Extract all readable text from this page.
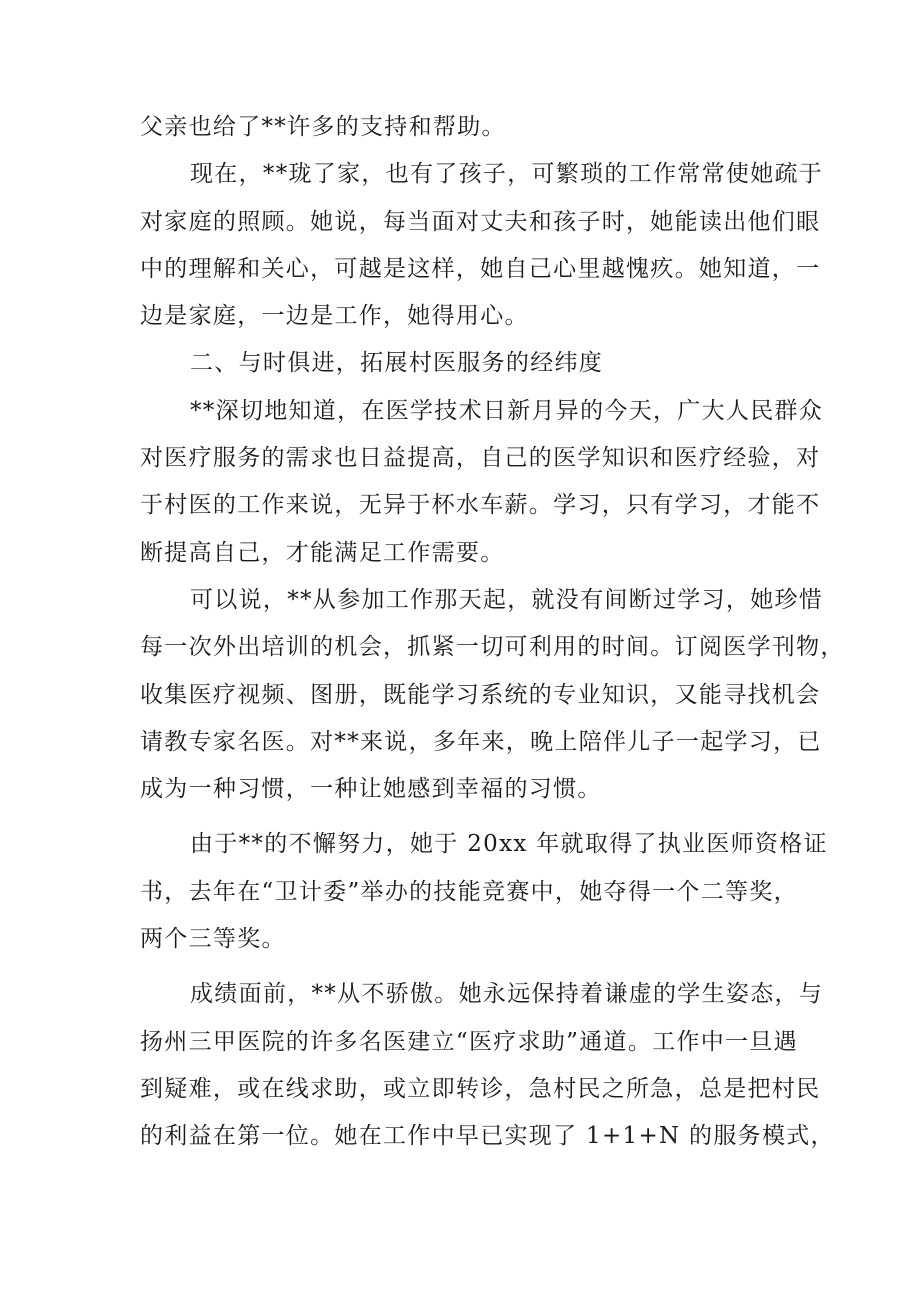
父亲也给了**许多的支持和帮助。
现在，**珑了家，也有了孩子，可繁琐的工作常常使她疏于
对家庭的照顾。她说，每当面对丈夫和孩子时，她能读出他们眼
中的理解和关心，可越是这样，她自己心里越愧疚。她知道，一
边是家庭，一边是工作，她得用心。
二、与时俱进，拓展村医服务的经纬度
**深切地知道，在医学技术日新月异的今天，广大人民群众
对医疗服务的需求也日益提高，自己的医学知识和医疗经验，对
于村医的工作来说，无异于杯水车薪。学习，只有学习，才能不
断提高自己，才能满足工作需要。
可以说，**从参加工作那天起，就没有间断过学习，她珍惜
每一次外出培训的机会，抓紧一切可利用的时间。订阅医学刊物，
收集医疗视频、图册，既能学习系统的专业知识，又能寻找机会
请教专家名医。对**来说，多年来，晚上陪伴儿子一起学习，已
成为一种习惯，一种让她感到幸福的习惯。
由于**的不懈努力，她于 20xx 年就取得了执业医师资格证
书，去年在“卫计委”举办的技能竞赛中，她夺得一个二等奖，
两个三等奖。
成绩面前，**从不骄傲。她永远保持着谦虚的学生姿态，与
扬州三甲医院的许多名医建立“医疗求助”通道。工作中一旦遇
到疑难，或在线求助，或立即转诊，急村民之所急，总是把村民
的利益在第一位。她在工作中早已实现了 1+1+N 的服务模式，
